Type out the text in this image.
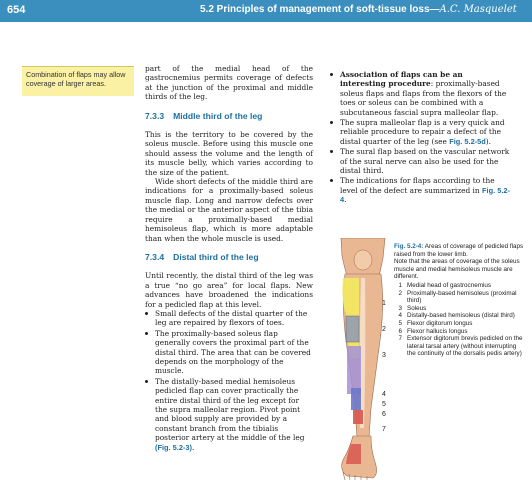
654	5.2 Principles of management of soft-tissue loss—A.C. Masquelet
Combination of flaps may allow coverage of larger areas.

part of the medial head of the gastrocnemius permits coverage of defects at the junction of the proximal and middle thirds of the leg.

7.3.3 Middle third of the leg

This is the territory to be covered by the soleus muscle. Before using this muscle one should assess the volume and the length of its muscle belly, which varies according to the size of the patient.

Wide short defects of the middle third are indications for a proximally-based soleus muscle flap. Long and narrow defects over the medial or the anterior aspect of the tibia require a proximally-based medial hemisoleus flap, which is more adaptable than when the whole muscle is used.

7.3.4 Distal third of the leg

Until recently, the distal third of the leg was a true “no go area” for local flaps. New advances have broadened the indications for a pedicled flap at this level.

Small defects of the distal quarter of the leg are repaired by flexors of toes.
The proximally-based soleus flap generally covers the proximal part of the distal third. The area that can be covered depends on the morphology of the muscle.
The distally-based medial hemisoleus pedicled flap can cover practically the entire distal third of the leg except for the supra malleolar region. Pivot point and blood supply are provided by a constant branch from the tibialis posterior artery at the middle of the leg (Fig. 5.2-3).
Association of flaps can be an interesting procedure: proximally-based soleus flaps and flaps from the flexors of the toes or soleus can be combined with a subcutaneous fascial supra malleolar flap.
The supra malleolar flap is a very quick and reliable procedure to repair a defect of the distal quarter of the leg (see Fig. 5.2-5d).
The sural flap based on the vascular network of the sural nerve can also be used for the distal third.
The indications for flaps according to the level of the defect are summarized in Fig. 5.2-4.
1
2
3
4
5
6
7
Fig. 5.2-4: Areas of coverage of pedicled flaps raised from the lower limb.
Note that the areas of coverage of the soleus muscle and medial hemisoleus muscle are different.
1 Medial head of gastrocnemius
2 Proximally-based hemisoleus (proximal third)
3 Soleus
4 Distally-based hemisoleus (distal third)
5 Flexor digitorum longus
6 Flexor hallucis longus
7 Extensor digitorum brevis pedicled on the lateral tarsal artery (without interrupting the continuity of the dorsalis pedis artery)
